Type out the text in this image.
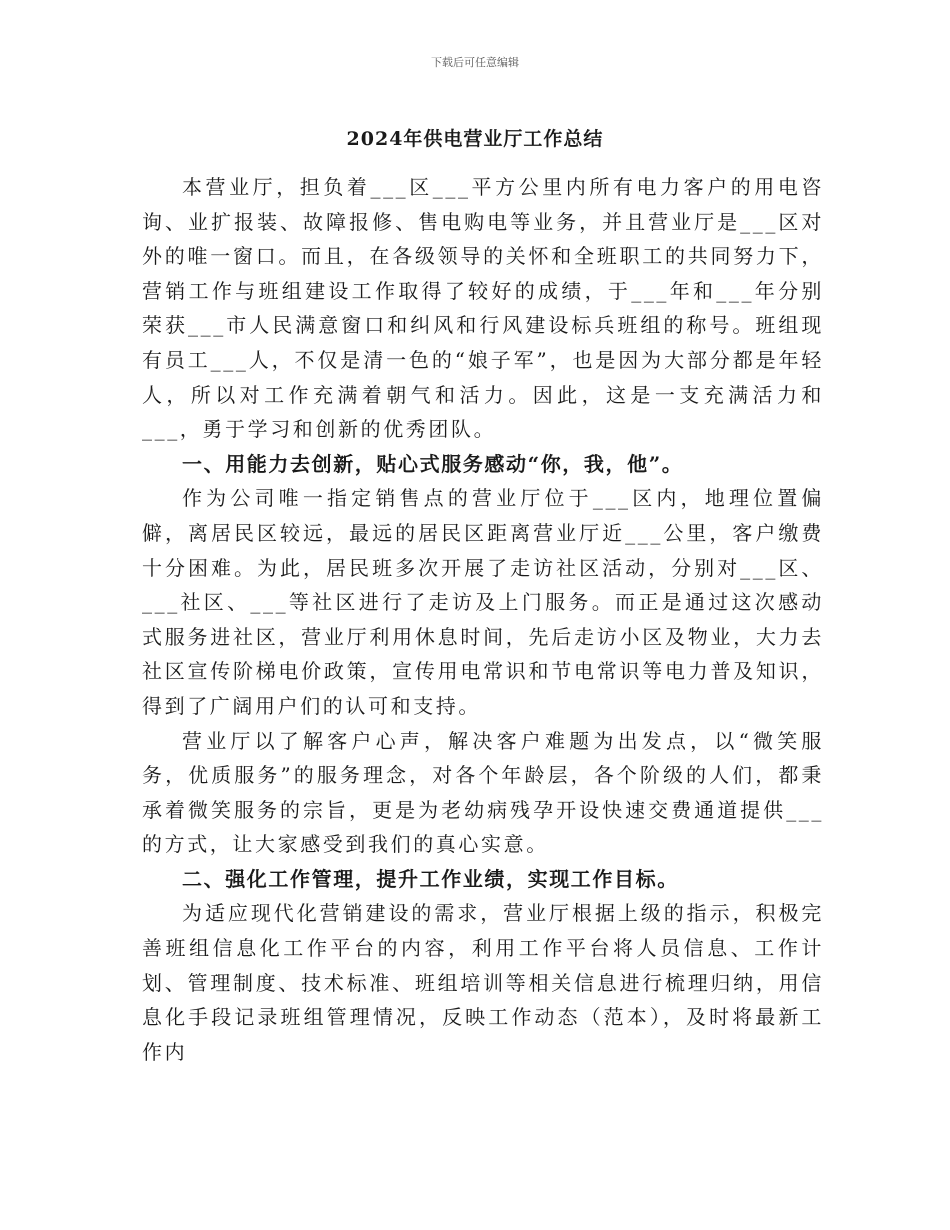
下载后可任意编辑
2024年供电营业厅工作总结

本营业厅，担负着___区___平方公里内所有电力客户的用电咨询、业扩报装、故障报修、售电购电等业务，并且营业厅是___区对外的唯一窗口。而且，在各级领导的关怀和全班职工的共同努力下，营销工作与班组建设工作取得了较好的成绩，于___年和___年分别荣获___市人民满意窗口和纠风和行风建设标兵班组的称号。班组现有员工___人，不仅是清一色的“娘子军”，也是因为大部分都是年轻人，所以对工作充满着朝气和活力。因此，这是一支充满活力和___，勇于学习和创新的优秀团队。

一、用能力去创新，贴心式服务感动“你，我，他”。

作为公司唯一指定销售点的营业厅位于___区内，地理位置偏僻，离居民区较远，最远的居民区距离营业厅近___公里，客户缴费十分困难。为此，居民班多次开展了走访社区活动，分别对___区、___社区、___等社区进行了走访及上门服务。而正是通过这次感动式服务进社区，营业厅利用休息时间，先后走访小区及物业，大力去社区宣传阶梯电价政策，宣传用电常识和节电常识等电力普及知识，得到了广阔用户们的认可和支持。

营业厅以了解客户心声，解决客户难题为出发点，以“微笑服务，优质服务”的服务理念，对各个年龄层，各个阶级的人们，都秉承着微笑服务的宗旨，更是为老幼病残孕开设快速交费通道提供___的方式，让大家感受到我们的真心实意。

二、强化工作管理，提升工作业绩，实现工作目标。

为适应现代化营销建设的需求，营业厅根据上级的指示，积极完善班组信息化工作平台的内容，利用工作平台将人员信息、工作计划、管理制度、技术标准、班组培训等相关信息进行梳理归纳，用信息化手段记录班组管理情况，反映工作动态（范本），及时将最新工作内
